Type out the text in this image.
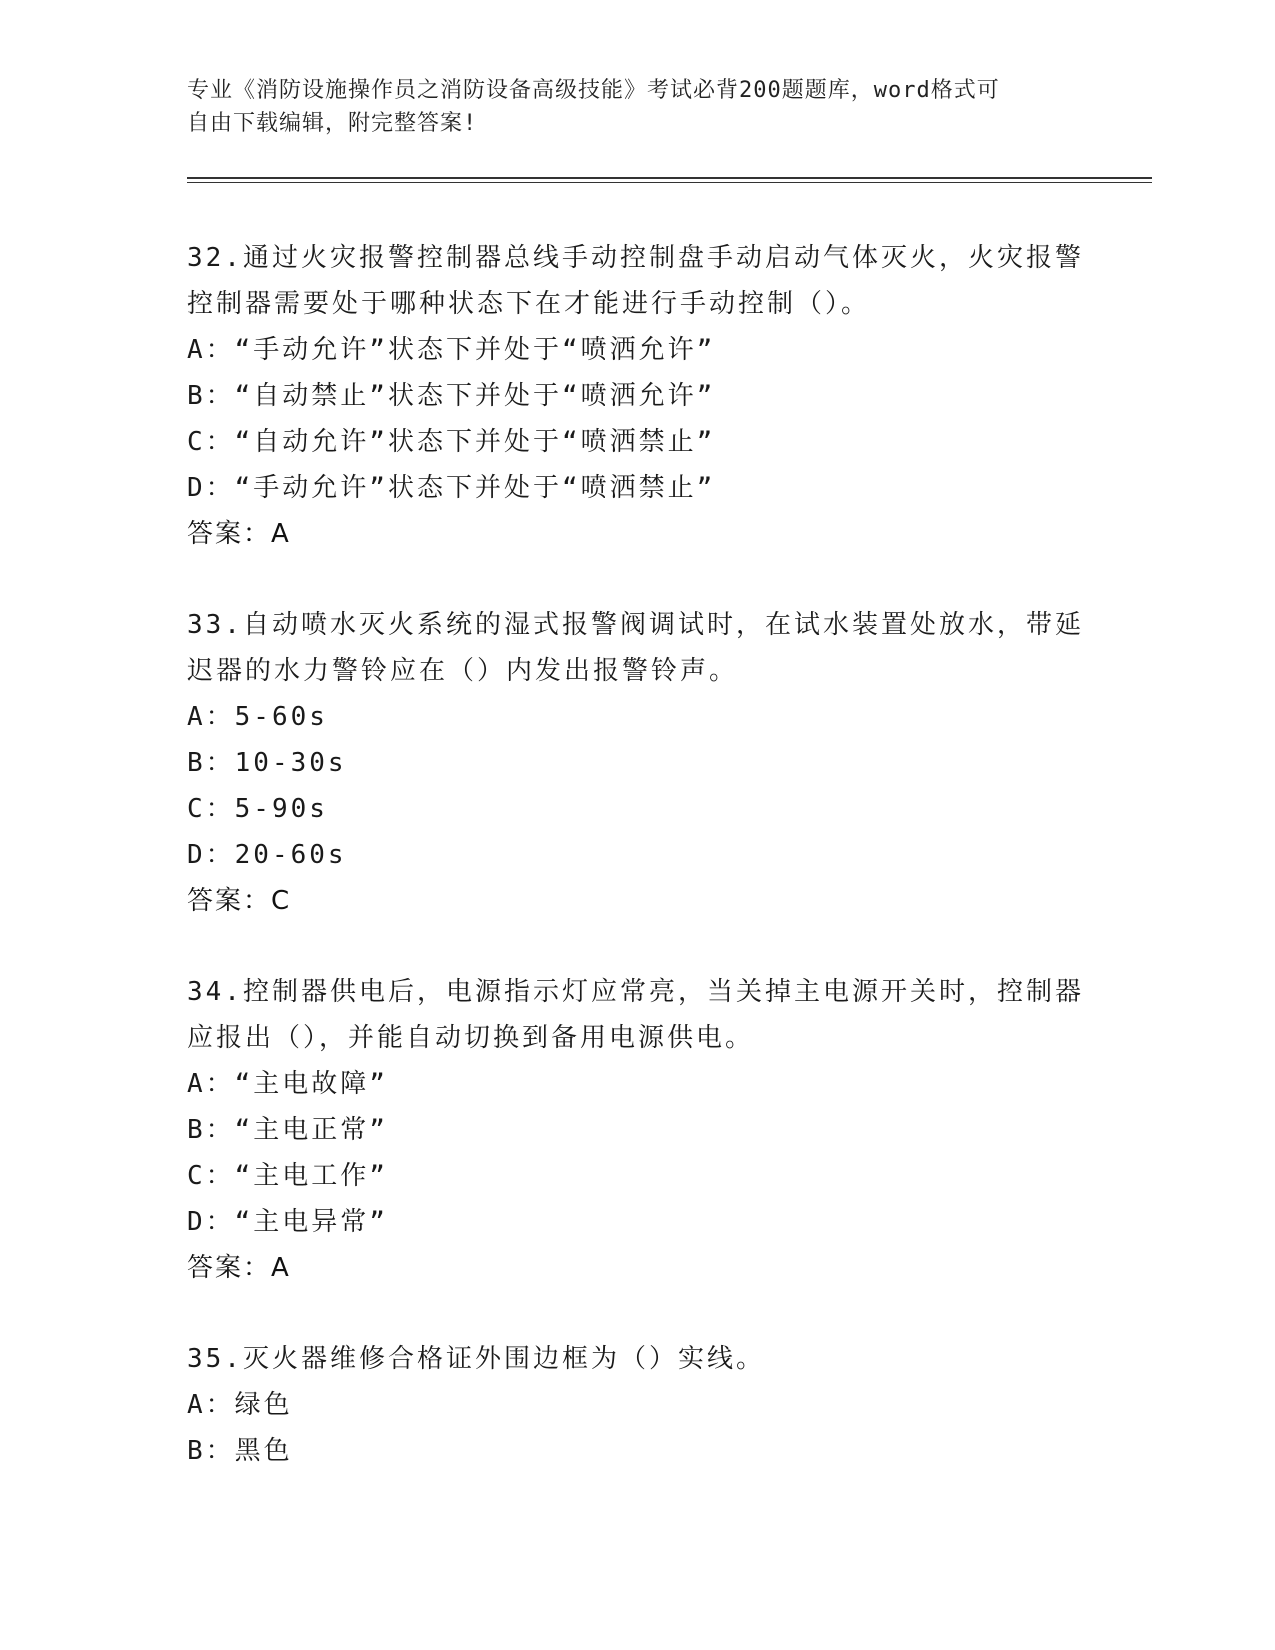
专业《消防设施操作员之消防设备高级技能》考试必背200题题库，word格式可
自由下载编辑，附完整答案!
32.通过火灾报警控制器总线手动控制盘手动启动气体灭火，火灾报警
控制器需要处于哪种状态下在才能进行手动控制（）。
A：“手动允许”状态下并处于“喷洒允许”
B：“自动禁止”状态下并处于“喷洒允许”
C：“自动允许”状态下并处于“喷洒禁止”
D：“手动允许”状态下并处于“喷洒禁止”
答案：A
33.自动喷水灭火系统的湿式报警阀调试时，在试水装置处放水，带延
迟器的水力警铃应在（）内发出报警铃声。
A：5-60s
B：10-30s
C：5-90s
D：20-60s
答案：C
34.控制器供电后，电源指示灯应常亮，当关掉主电源开关时，控制器
应报出（），并能自动切换到备用电源供电。
A：“主电故障”
B：“主电正常”
C：“主电工作”
D：“主电异常”
答案：A
35.灭火器维修合格证外围边框为（）实线。
A：绿色
B：黑色
